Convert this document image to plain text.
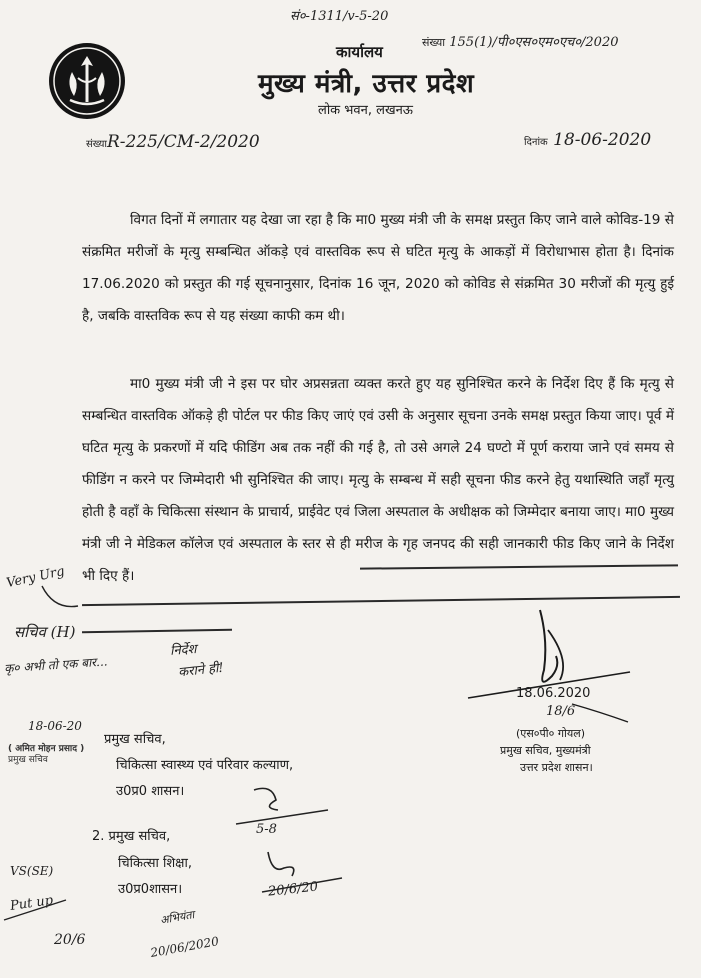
सं०-1311/v-5-20
संख्या 155(1)/पी०एस०एम०एच०/2020
कार्यालय
मुख्य मंत्री, उत्तर प्रदेश
लोक भवन, लखनऊ
संख्याR-225/CM-2/2020	दिनांक 18-06-2020
विगत दिनों में लगातार यह देखा जा रहा है कि मा0 मुख्य मंत्री जी के समक्ष प्रस्तुत किए जाने वाले कोविड-19 से संक्रमित मरीजों के मृत्यु सम्बन्धित ऑकड़े एवं वास्तविक रूप से घटित मृत्यु के आकड़ों में विरोधाभास होता है। दिनांक 17.06.2020 को प्रस्तुत की गई सूचनानुसार, दिनांक 16 जून, 2020 को कोविड से संक्रमित 30 मरीजों की मृत्यु हुई है, जबकि वास्तविक रूप से यह संख्या काफी कम थी।
मा0 मुख्य मंत्री जी ने इस पर घोर अप्रसन्नता व्यक्त करते हुए यह सुनिश्चित करने के निर्देश दिए हैं कि मृत्यु से सम्बन्धित वास्तविक ऑकड़े ही पोर्टल पर फीड किए जाएं एवं उसी के अनुसार सूचना उनके समक्ष प्रस्तुत किया जाए। पूर्व में घटित मृत्यु के प्रकरणों में यदि फीडिंग अब तक नहीं की गई है, तो उसे अगले 24 घण्टो में पूर्ण कराया जाने एवं समय से फीडिंग न करने पर जिम्मेदारी भी सुनिश्चित की जाए। मृत्यु के सम्बन्ध में सही सूचना फीड करने हेतु यथास्थिति जहाँ मृत्यु होती है वहाँ के चिकित्सा संस्थान के प्राचार्य, प्राईवेट एवं जिला अस्पताल के अधीक्षक को जिम्मेदार बनाया जाए। मा0 मुख्य मंत्री जी ने मेडिकल कॉलेज एवं अस्पताल के स्तर से ही मरीज के गृह जनपद की सही जानकारी फीड किए जाने के निर्देश भी दिए हैं।
Very Urg
सचिव (H)
कृ० अभी तो एक बार...
निर्देश
कराने ही!
18.06.2020
18/6
(एस०पी० गोयल)
प्रमुख सचिव, मुख्यमंत्री
उत्तर प्रदेश शासन।
18-06-20
प्रमुख सचिव,
चिकित्सा स्वास्थ्य एवं परिवार कल्याण,
उ0प्र0 शासन।
( अमित मोहन प्रसाद )
प्रमुख सचिव
2. प्रमुख सचिव,
चिकित्सा शिक्षा,
उ0प्र0शासन।
5-8
20/6/20
VS(SE)
Put up
अभियंता
20/06/2020
20/6
